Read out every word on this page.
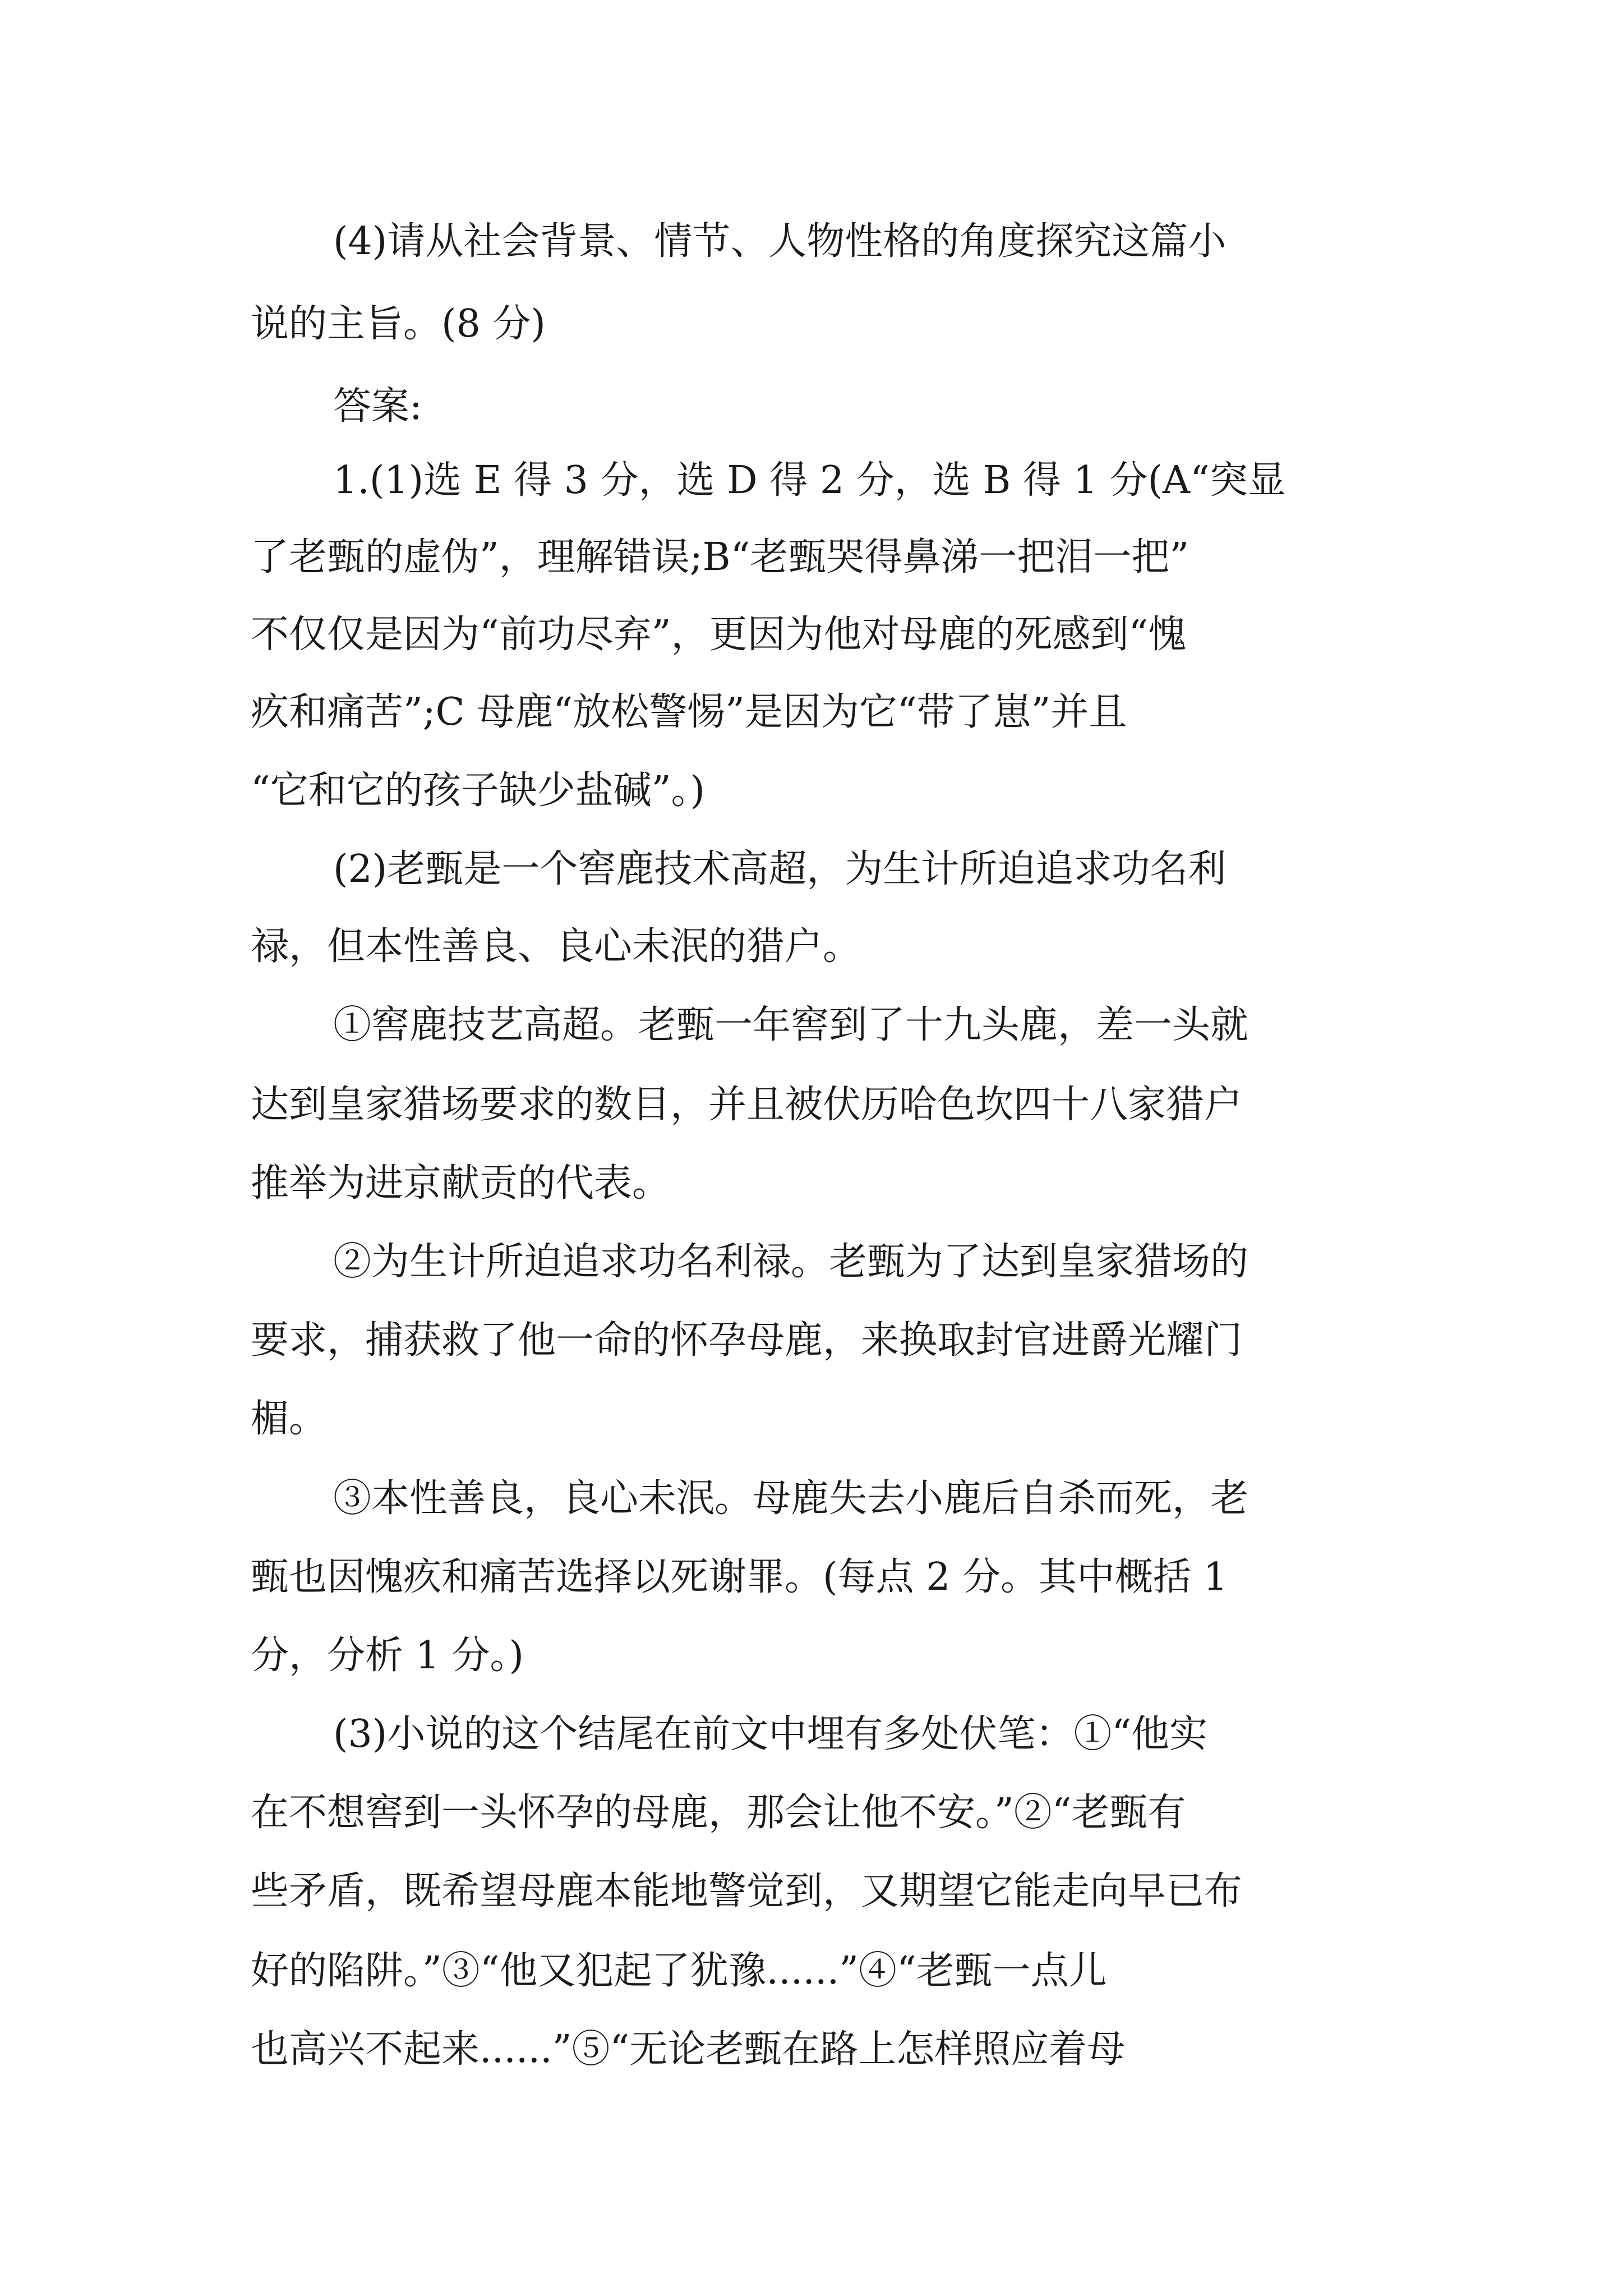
(4)请从社会背景、情节、人物性格的角度探究这篇小
说的主旨。(8 分)
答案:
1.(1)选 E 得 3 分，选 D 得 2 分，选 B 得 1 分(A“突显
了老甄的虚伪”，理解错误;B“老甄哭得鼻涕一把泪一把”
不仅仅是因为“前功尽弃”，更因为他对母鹿的死感到“愧
疚和痛苦”;C 母鹿“放松警惕”是因为它“带了崽”并且
“它和它的孩子缺少盐碱”。)
(2)老甄是一个窖鹿技术高超，为生计所迫追求功名利
禄，但本性善良、良心未泯的猎户。
①窖鹿技艺高超。老甄一年窖到了十九头鹿，差一头就
达到皇家猎场要求的数目，并且被伏历哈色坎四十八家猎户
推举为进京献贡的代表。
②为生计所迫追求功名利禄。老甄为了达到皇家猎场的
要求，捕获救了他一命的怀孕母鹿，来换取封官进爵光耀门
楣。
③本性善良，良心未泯。母鹿失去小鹿后自杀而死，老
甄也因愧疚和痛苦选择以死谢罪。(每点 2 分。其中概括 1
分，分析 1 分。)
(3)小说的这个结尾在前文中埋有多处伏笔：①“他实
在不想窖到一头怀孕的母鹿，那会让他不安。”②“老甄有
些矛盾，既希望母鹿本能地警觉到，又期望它能走向早已布
好的陷阱。”③“他又犯起了犹豫......”④“老甄一点儿
也高兴不起来......”⑤“无论老甄在路上怎样照应着母
